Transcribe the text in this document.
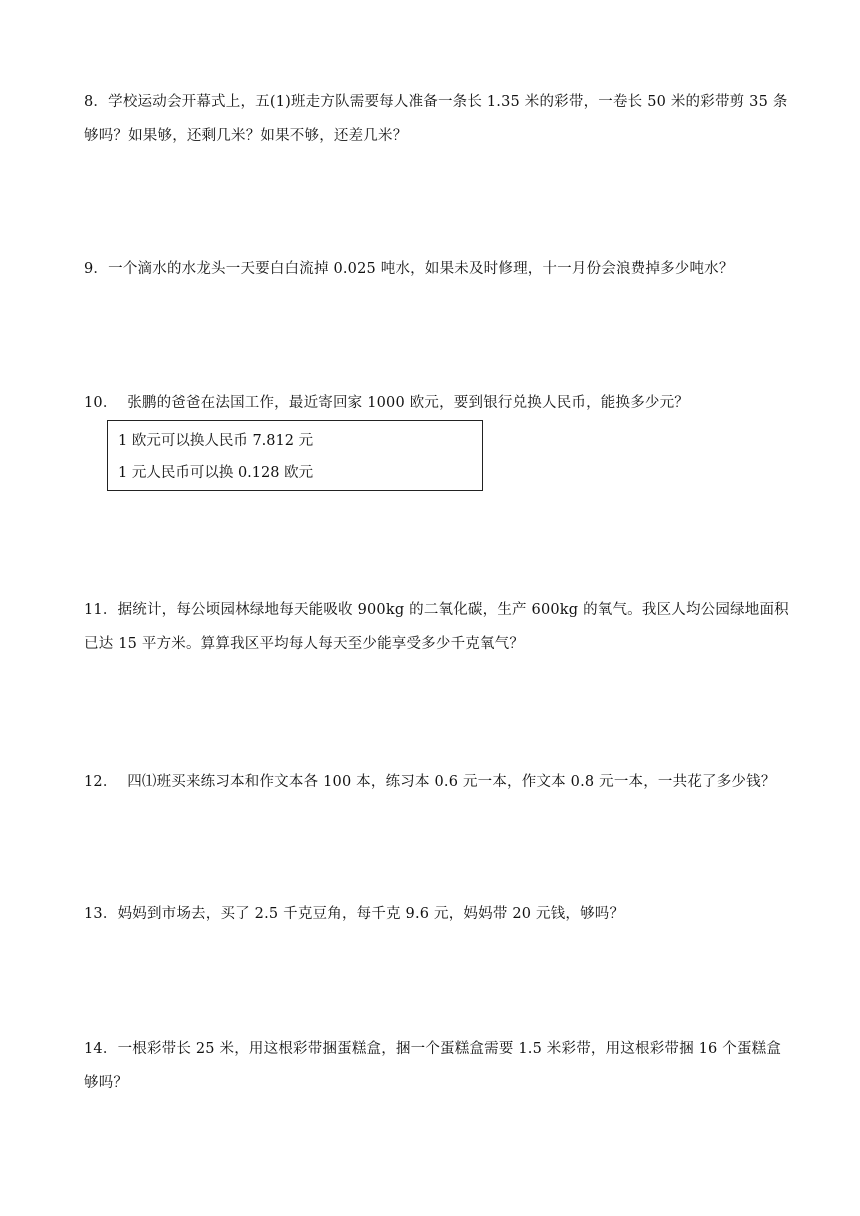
8．学校运动会开幕式上，五(1)班走方队需要每人准备一条长 1.35 米的彩带，一卷长 50 米的彩带剪 35 条
够吗？如果够，还剩几米？如果不够，还差几米？
9．一个滴水的水龙头一天要白白流掉 0.025 吨水，如果未及时修理，十一月份会浪费掉多少吨水？
10． 张鹏的爸爸在法国工作，最近寄回家 1000 欧元，要到银行兑换人民币，能换多少元？
1 欧元可以换人民币 7.812 元
1 元人民币可以换 0.128 欧元
11．据统计，每公顷园林绿地每天能吸收 900kg 的二氧化碳，生产 600kg 的氧气。我区人均公园绿地面积
已达 15 平方米。算算我区平均每人每天至少能享受多少千克氧气？
12． 四⑴班买来练习本和作文本各 100 本，练习本 0.6 元一本，作文本 0.8 元一本，一共花了多少钱？
13．妈妈到市场去，买了 2.5 千克豆角，每千克 9.6 元，妈妈带 20 元钱，够吗？
14．一根彩带长 25 米，用这根彩带捆蛋糕盒，捆一个蛋糕盒需要 1.5 米彩带，用这根彩带捆 16 个蛋糕盒
够吗？
